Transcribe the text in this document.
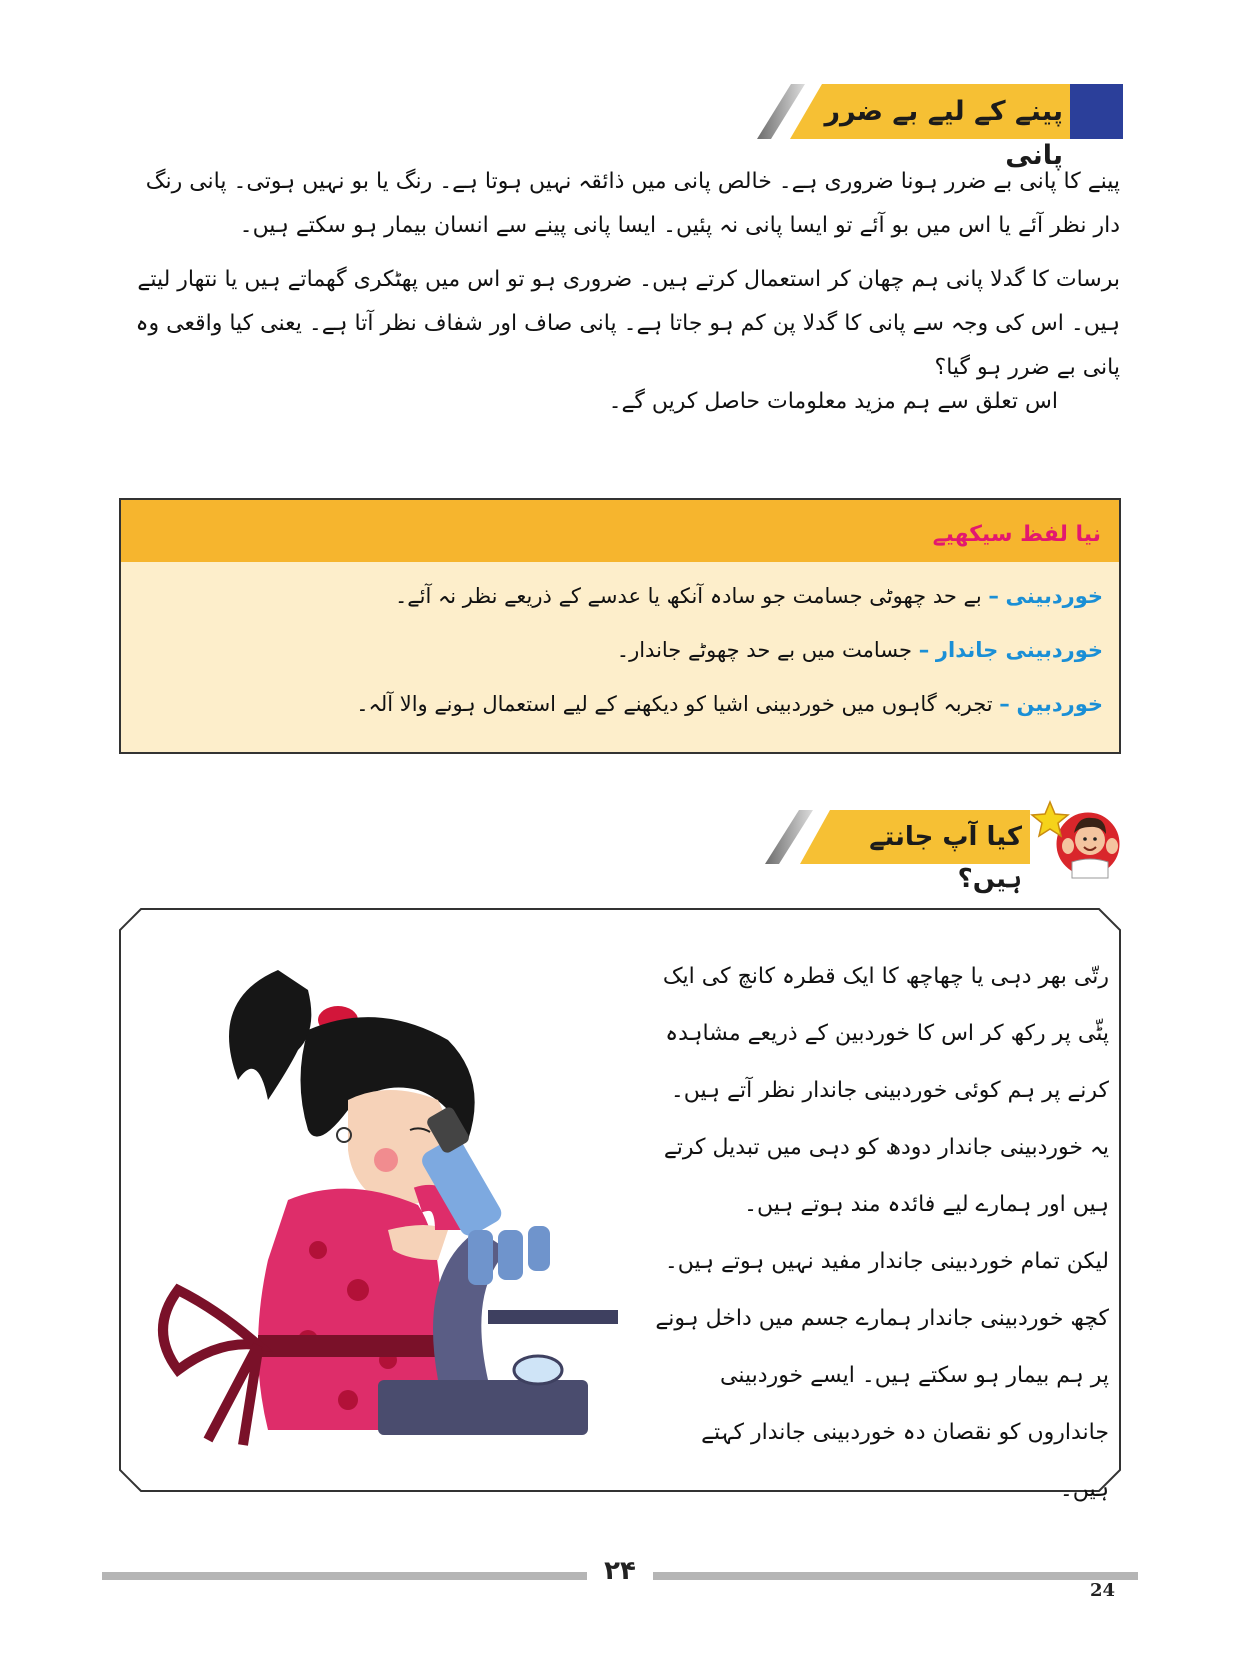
پینے کے لیے بے ضرر پانی
پینے کا پانی بے ضرر ہونا ضروری ہے۔ خالص پانی میں ذائقہ نہیں ہوتا ہے۔ رنگ یا بو نہیں ہوتی۔ پانی رنگ دار نظر آئے یا اس میں بو آئے تو ایسا پانی نہ پئیں۔ ایسا پانی پینے سے انسان بیمار ہو سکتے ہیں۔
برسات کا گدلا پانی ہم چھان کر استعمال کرتے ہیں۔ ضروری ہو تو اس میں پھٹکری گھماتے ہیں یا نتھار لیتے ہیں۔ اس کی وجہ سے پانی کا گدلا پن کم ہو جاتا ہے۔ پانی صاف اور شفاف نظر آتا ہے۔ یعنی کیا واقعی وہ پانی بے ضرر ہو گیا؟
اس تعلق سے ہم مزید معلومات حاصل کریں گے۔
نیا لفظ سیکھیے
خوردبینی – بے حد چھوٹی جسامت جو سادہ آنکھ یا عدسے کے ذریعے نظر نہ آئے۔
خوردبینی جاندار – جسامت میں بے حد چھوٹے جاندار۔
خوردبین – تجربہ گاہوں میں خوردبینی اشیا کو دیکھنے کے لیے استعمال ہونے والا آلہ۔
کیا آپ جانتے ہیں؟
رتّی بھر دہی یا چھاچھ کا ایک قطرہ کانچ کی ایک پٹّی پر رکھ کر اس کا خوردبین کے ذریعے مشاہدہ کرنے پر ہم کوئی خوردبینی جاندار نظر آتے ہیں۔
یہ خوردبینی جاندار دودھ کو دہی میں تبدیل کرتے ہیں اور ہمارے لیے فائدہ مند ہوتے ہیں۔
لیکن تمام خوردبینی جاندار مفید نہیں ہوتے ہیں۔ کچھ خوردبینی جاندار ہمارے جسم میں داخل ہونے پر ہم بیمار ہو سکتے ہیں۔ ایسے خوردبینی جانداروں کو نقصان دہ خوردبینی جاندار کہتے ہیں۔
۲۴
24
